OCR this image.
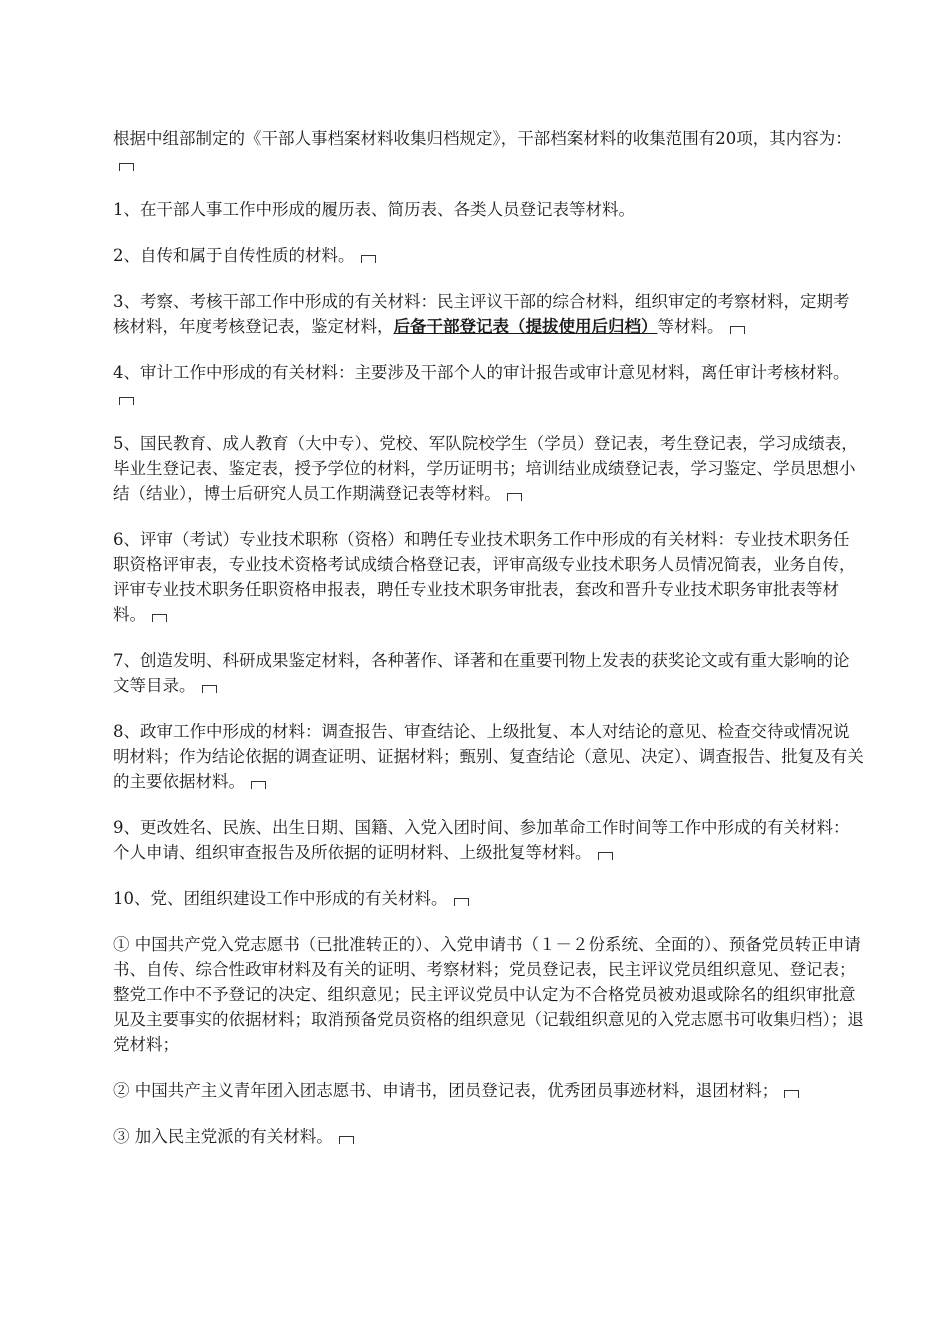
根据中组部制定的《干部人事档案材料收集归档规定》，干部档案材料的收集范围有20项，其内容为：

1、在干部人事工作中形成的履历表、简历表、各类人员登记表等材料。

2、自传和属于自传性质的材料。

3、考察、考核干部工作中形成的有关材料：民主评议干部的综合材料，组织审定的考察材料，定期考核材料，年度考核登记表，鉴定材料，后备干部登记表（提拔使用后归档）等材料。

4、审计工作中形成的有关材料：主要涉及干部个人的审计报告或审计意见材料，离任审计考核材料。

5、国民教育、成人教育（大中专）、党校、军队院校学生（学员）登记表，考生登记表，学习成绩表，毕业生登记表、鉴定表，授予学位的材料，学历证明书；培训结业成绩登记表，学习鉴定、学员思想小结（结业），博士后研究人员工作期满登记表等材料。

6、评审（考试）专业技术职称（资格）和聘任专业技术职务工作中形成的有关材料：专业技术职务任职资格评审表，专业技术资格考试成绩合格登记表，评审高级专业技术职务人员情况简表，业务自传，评审专业技术职务任职资格申报表，聘任专业技术职务审批表，套改和晋升专业技术职务审批表等材料。

7、创造发明、科研成果鉴定材料，各种著作、译著和在重要刊物上发表的获奖论文或有重大影响的论文等目录。

8、政审工作中形成的材料：调查报告、审查结论、上级批复、本人对结论的意见、检查交待或情况说明材料；作为结论依据的调查证明、证据材料；甄别、复查结论（意见、决定）、调查报告、批复及有关的主要依据材料。

9、更改姓名、民族、出生日期、国籍、入党入团时间、参加革命工作时间等工作中形成的有关材料：个人申请、组织审查报告及所依据的证明材料、上级批复等材料。

10、党、团组织建设工作中形成的有关材料。

① 中国共产党入党志愿书（已批准转正的）、入党申请书（１－２份系统、全面的）、预备党员转正申请书、自传、综合性政审材料及有关的证明、考察材料；党员登记表，民主评议党员组织意见、登记表；整党工作中不予登记的决定、组织意见；民主评议党员中认定为不合格党员被劝退或除名的组织审批意见及主要事实的依据材料；取消预备党员资格的组织意见（记载组织意见的入党志愿书可收集归档）；退党材料；

② 中国共产主义青年团入团志愿书、申请书，团员登记表，优秀团员事迹材料，退团材料；

③ 加入民主党派的有关材料。
